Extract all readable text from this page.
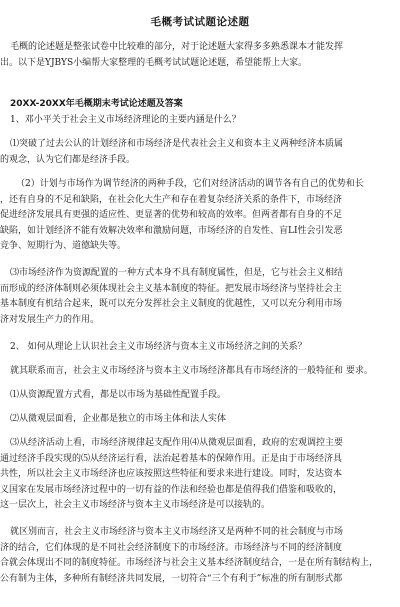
毛概考试试题论述题
毛概的论述题是整张试卷中比较难的部分，对于论述题大家得多多熟悉课本才能发挥
出。以下是YJBYS小编帮大家整理的毛概考试试题论述题，希望能帮上大家。
20XX-20XX年毛概期末考试论述题及答案
1、邓小平关于社会主义市场经济理论的主要内涵是什么？
⑴突破了过去公认的计划经济和市场经济是代表社会主义和资本主义两种经济本质属
的观念，认为它们都是经济手段。
（2）计划与市场作为调节经济的两种手段，它们对经济活动的调节各有自己的优势和长
，还有自身的不足和缺陷，在社会化大生产和存在着复杂经济关系的条件下，市场经济
促进经济发展具有更强的适应性、更显著的优势和较高的效率。但两者都有自身的不足
缺陷，如计划经济不能有效解决效率和激励问题，市场经济的自发性、盲LI性会引发恶
竞争、短期行为、道德缺失等。
⑶市场经济作为资源配置的一种方式本身不具有制度属性，但是，它与社会主义相结
而形成的经济体制则必须体现社会主义基本制度的特征。把发展市场经济与坚持社会主
基本制度有机结合起来，既可以充分发挥社会主义制度的优越性，又可以充分利用市场
济对发展生产力的作用。
2、 如何从理论上认识社会主义市场经济与资本主义市场经济之间的关系？
就其联系而言，社会主义市场经济与资本主义市场经济都具有市场经济的一般特征和 要求。
⑴从资源配置方式看，都是以市场为基础性配置手段。
⑵从微观层面看，企业都是独立的市场主体和法人实体
⑶从经济活动上看，市场经济规律起支配作用⑷从微观层面看，政府的宏观调控主要
通过经济手段实现的⑸从经济运行看，法治起着基本的保障作用。正是由于市场经济具
共性，所以社会主义市场经济也应该按照这些特征和要求来进行建设。同时，发达资本
义国家在发展市场经济过程中的一切有益的作法和经验也都是值得我们借鉴和吸收的，
这一层次上，社会主义市场经济与资本主义市场经济是可以接轨的。
就区别而言，社会主义市场经济与资本主义市场经济又是两种不同的社会制度与市场
济的结合，它们体现的是不同社会经济制度下的市场经济。市场经济与不同的经济制度
合就会体现出不同的制度特征。市场经济与社会主义基本经济制度结合，一是在所有制结构上，
公有制为主体，多种所有制经济共同发展，一切符合“三个有利于”标准的所有制形式都
